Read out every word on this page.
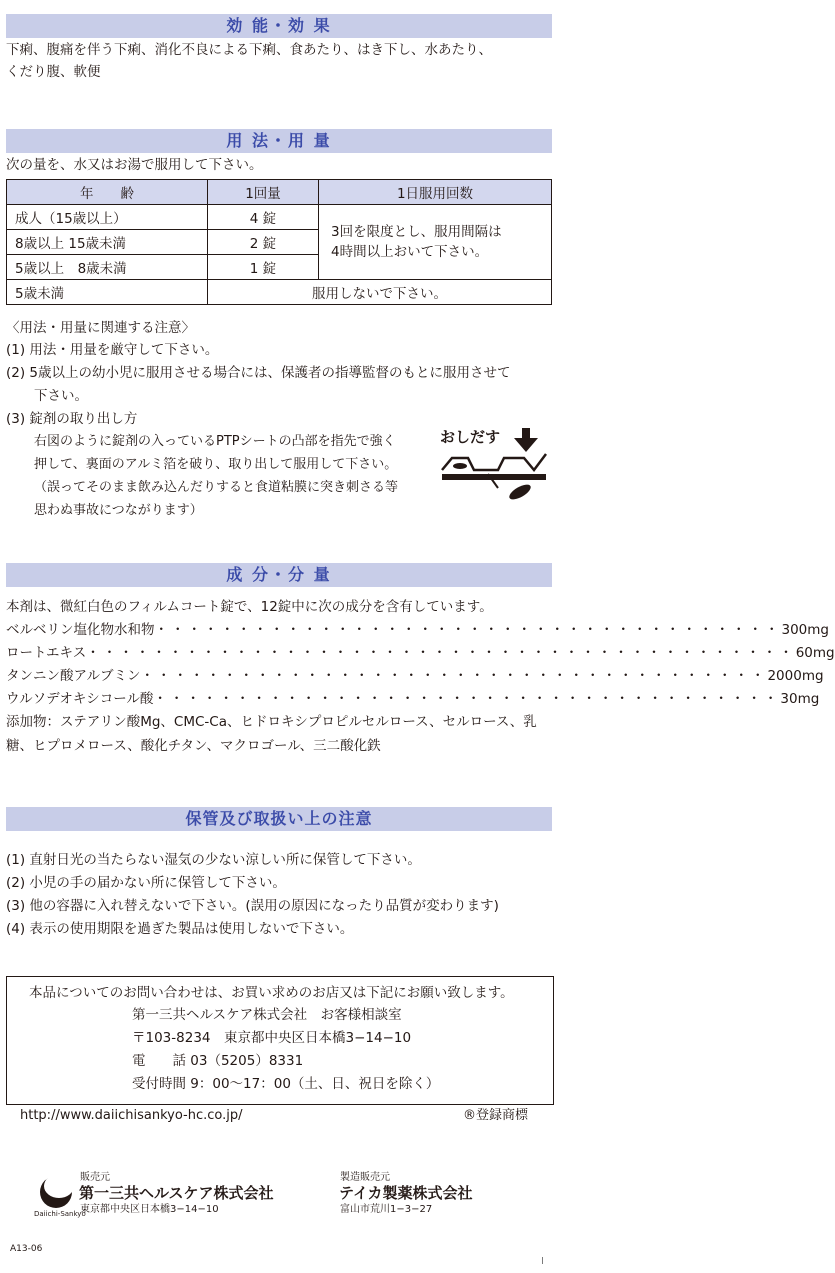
効 能・効 果
下痢、腹痛を伴う下痢、消化不良による下痢、食あたり、はき下し、水あたり、
くだり腹、軟便
用 法・用 量
次の量を、水又はお湯で服用して下さい。
年　　齢	1回量	1日服用回数
成人（15歳以上）	4 錠	3回を限度とし、服用間隔は
4時間以上おいて下さい。

8歳以上 15歳未満	2 錠	
5歳以上　8歳未満	1 錠	
5歳未満	服用しないで下さい。	
〈用法・用量に関連する注意〉
(1) 用法・用量を厳守して下さい。
(2) 5歳以上の幼小児に服用させる場合には、保護者の指導監督のもとに服用させて
下さい。
(3) 錠剤の取り出し方
右図のように錠剤の入っているPTPシートの凸部を指先で強く
押して、裏面のアルミ箔を破り、取り出して服用して下さい。
（誤ってそのまま飲み込んだりすると食道粘膜に突き刺さる等
思わぬ事故につながります）
おしだす
成 分・分 量
本剤は、微紅白色のフィルムコート錠で、12錠中に次の成分を含有しています。
ベルベリン塩化物水和物 ・・・・・・・・・・・・・・・・・・・・・・・・・・・・・・・・・・・・・・ 300mg
ロートエキス ・・・・・・・・・・・・・・・・・・・・・・・・・・・・・・・・・・・・・・・・・・・ 60mg
タンニン酸アルブミン ・・・・・・・・・・・・・・・・・・・・・・・・・・・・・・・・・・・・・・ 2000mg
ウルソデオキシコール酸 ・・・・・・・・・・・・・・・・・・・・・・・・・・・・・・・・・・・・・・ 30mg
添加物：ステアリン酸Mg、CMC-Ca、ヒドロキシプロピルセルロース、セルロース、乳
糖、ヒプロメロース、酸化チタン、マクロゴール、三二酸化鉄
保管及び取扱い上の注意
(1) 直射日光の当たらない湿気の少ない涼しい所に保管して下さい。
(2) 小児の手の届かない所に保管して下さい。
(3) 他の容器に入れ替えないで下さい。(誤用の原因になったり品質が変わります)
(4) 表示の使用期限を過ぎた製品は使用しないで下さい。
本品についてのお問い合わせは、お買い求めのお店又は下記にお願い致します。
第一三共ヘルスケア株式会社　お客様相談室
〒103-8234　東京都中央区日本橋3−14−10
電　　話 03（5205）8331
受付時間 9：00〜17：00（土、日、祝日を除く）
http://www.daiichisankyo-hc.co.jp/	®登録商標
Daiichi-Sankyo
販売元
第一三共ヘルスケア株式会社
東京都中央区日本橋3−14−10
製造販売元
テイカ製薬株式会社
富山市荒川1−3−27
A13-06
I
